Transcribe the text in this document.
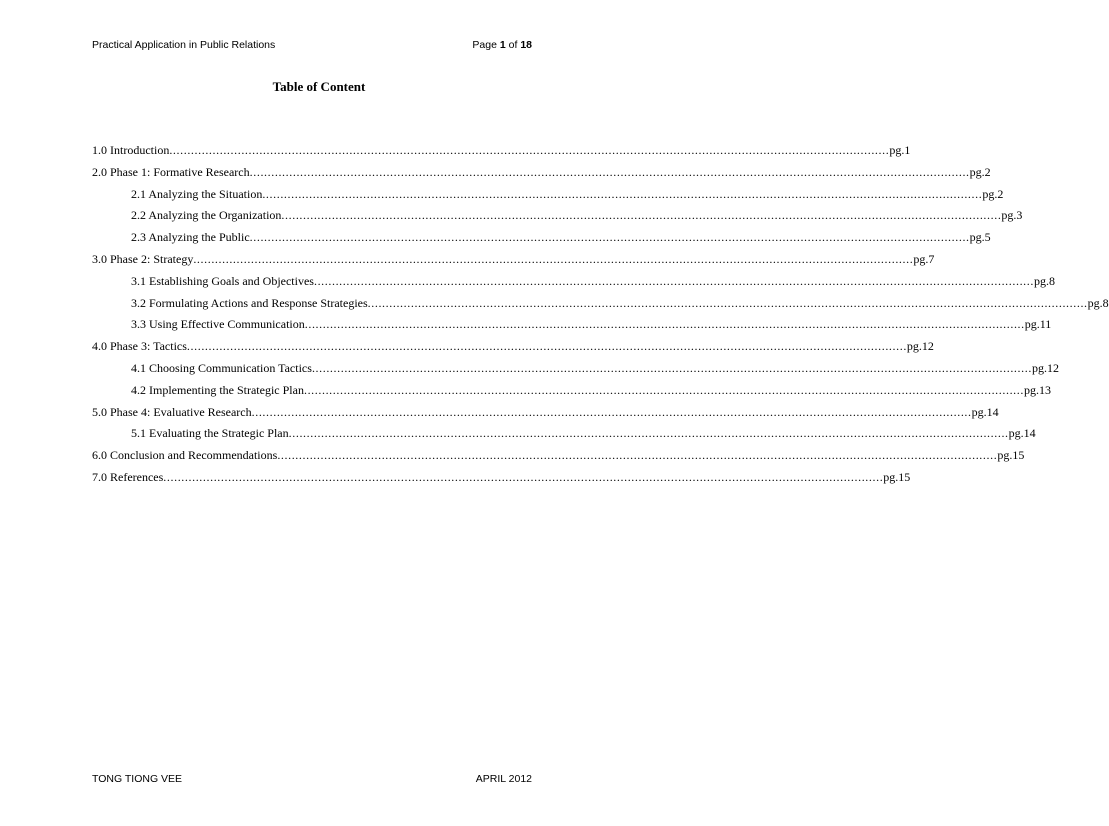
Practical Application in Public Relations	Page 1 of 18
Table of Content
1.0 Introduction ........................................................................................................................................................................................................ pg.1
2.0 Phase 1: Formative Research ........................................................................................................................................................................................................ pg.2
2.1 Analyzing the Situation ........................................................................................................................................................................................................ pg.2
2.2 Analyzing the Organization ........................................................................................................................................................................................................ pg.3
2.3 Analyzing the Public ........................................................................................................................................................................................................ pg.5
3.0 Phase 2: Strategy ........................................................................................................................................................................................................ pg.7
3.1 Establishing Goals and Objectives ........................................................................................................................................................................................................ pg.8
3.2 Formulating Actions and Response Strategies ........................................................................................................................................................................................................ pg.8
3.3 Using Effective Communication ........................................................................................................................................................................................................ pg.11
4.0 Phase 3: Tactics ........................................................................................................................................................................................................ pg.12
4.1 Choosing Communication Tactics ........................................................................................................................................................................................................ pg.12
4.2 Implementing the Strategic Plan ........................................................................................................................................................................................................ pg.13
5.0 Phase 4: Evaluative Research ........................................................................................................................................................................................................ pg.14
5.1 Evaluating the Strategic Plan ........................................................................................................................................................................................................ pg.14
6.0 Conclusion and Recommendations ........................................................................................................................................................................................................ pg.15
7.0 References ........................................................................................................................................................................................................ pg.15
TONG TIONG VEE	APRIL 2012
